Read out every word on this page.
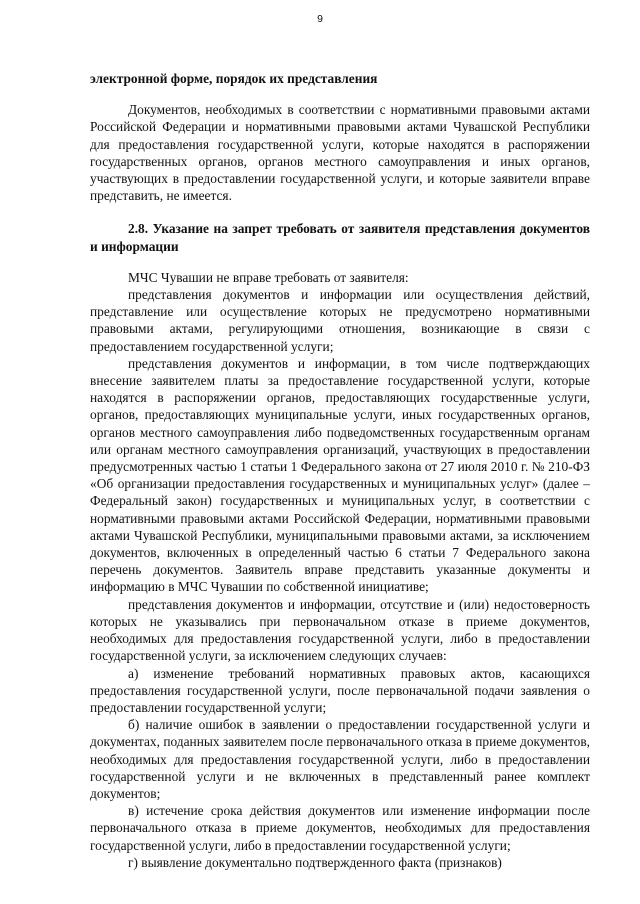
9

электронной форме, порядок их представления

Документов, необходимых в соответствии с нормативными правовыми актами Российской Федерации и нормативными правовыми актами Чувашской Республики для предоставления государственной услуги, которые находятся в распоряжении государственных органов, органов местного самоуправления и иных органов, участвующих в предоставлении государственной услуги, и которые заявители вправе представить, не имеется.

2.8. Указание на запрет требовать от заявителя представления документов и информации

МЧС Чувашии не вправе требовать от заявителя:

представления документов и информации или осуществления действий, представление или осуществление которых не предусмотрено нормативными правовыми актами, регулирующими отношения, возникающие в связи с предоставлением государственной услуги;

представления документов и информации, в том числе подтверждающих внесение заявителем платы за предоставление государственной услуги, которые находятся в распоряжении органов, предоставляющих государственные услуги, органов, предоставляющих муниципальные услуги, иных государственных органов, органов местного самоуправления либо подведомственных государственным органам или органам местного самоуправления организаций, участвующих в предоставлении предусмотренных частью 1 статьи 1 Федерального закона от 27 июля 2010 г. № 210-ФЗ «Об организации предоставления государственных и муниципальных услуг» (далее – Федеральный закон) государственных и муниципальных услуг, в соответствии с нормативными правовыми актами Российской Федерации, нормативными правовыми актами Чувашской Республики, муниципальными правовыми актами, за исключением документов, включенных в определенный частью 6 статьи 7 Федерального закона перечень документов. Заявитель вправе представить указанные документы и информацию в МЧС Чувашии по собственной инициативе;

представления документов и информации, отсутствие и (или) недостоверность которых не указывались при первоначальном отказе в приеме документов, необходимых для предоставления государственной услуги, либо в предоставлении государственной услуги, за исключением следующих случаев:

а) изменение требований нормативных правовых актов, касающихся предоставления государственной услуги, после первоначальной подачи заявления о предоставлении государственной услуги;

б) наличие ошибок в заявлении о предоставлении государственной услуги и документах, поданных заявителем после первоначального отказа в приеме документов, необходимых для предоставления государственной услуги, либо в предоставлении государственной услуги и не включенных в представленный ранее комплект документов;

в) истечение срока действия документов или изменение информации после первоначального отказа в приеме документов, необходимых для предоставления государственной услуги, либо в предоставлении государственной услуги;

г) выявление документально подтвержденного факта (признаков)
